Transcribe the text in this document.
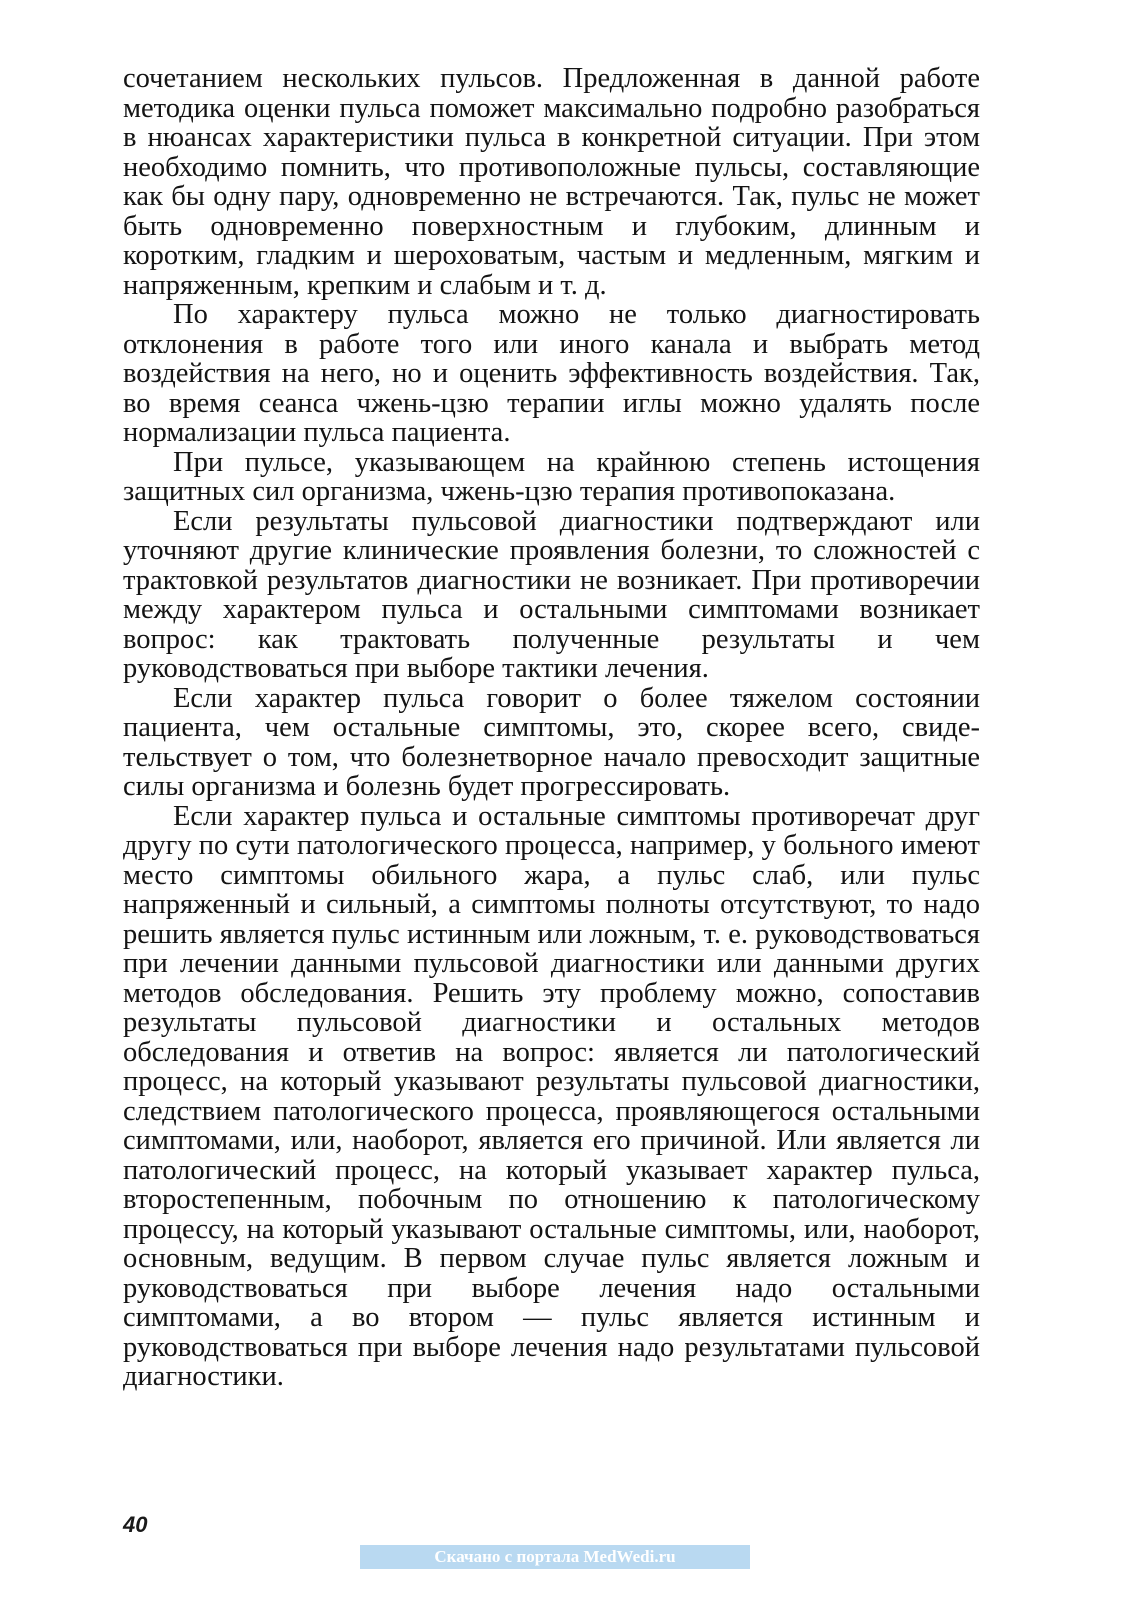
сочетанием нескольких пульсов. Предложенная в данной работе методика оценки пульса поможет максимально подробно разобраться в нюансах характеристики пульса в конкретной ситуации. При этом необходимо помнить, что противоположные пульсы, составляющие как бы одну пару, одновременно не встречаются. Так, пульс не может быть одновременно поверхностным и глубоким, длинным и коротким, гладким и шероховатым, частым и медленным, мягким и напряженным, крепким и слабым и т. д.

По характеру пульса можно не только диагностировать отклонения в работе того или иного канала и выбрать метод воздействия на него, но и оценить эффективность воздействия. Так, во время сеанса чжень-цзю терапии иглы можно удалять после нормализации пульса пациента.

При пульсе, указывающем на крайнюю степень истощения защитных сил организма, чжень-цзю терапия противопоказана.

Если результаты пульсовой диагностики подтверждают или уточняют другие клинические проявления болезни, то сложностей с трактовкой результатов диагностики не возникает. При противоречии между характером пульса и остальными симптомами возникает вопрос: как трактовать полученные результаты и чем руководствоваться при выборе тактики лечения.

Если характер пульса говорит о более тяжелом состоянии пациента, чем остальные симптомы, это, скорее всего, свидетельствует о том, что болезнетворное начало превосходит защитные силы организма и болезнь будет прогрессировать.

Если характер пульса и остальные симптомы противоречат друг другу по сути патологического процесса, например, у больного имеют место симптомы обильного жара, а пульс слаб, или пульс напряженный и сильный, а симптомы полноты отсутствуют, то надо решить является пульс истинным или ложным, т. е. руководствоваться при лечении данными пульсовой диагностики или данными других методов обследования. Решить эту проблему можно, сопоставив результаты пульсовой диагностики и остальных методов обследования и ответив на вопрос: является ли патологический процесс, на который указывают результаты пульсовой диагностики, следствием патологического процесса, проявляющегося остальными симптомами, или, наоборот, является его причиной. Или является ли патологический процесс, на который указывает характер пульса, второстепенным, побочным по отношению к патологическому процессу, на который указывают остальные симптомы, или, наоборот, основным, ведущим. В первом случае пульс является ложным и руководствоваться при выборе лечения надо остальными симптомами, а во втором — пульс является истинным и руководствоваться при выборе лечения надо результатами пульсовой диагностики.

40
Скачано с портала MedWedi.ru
